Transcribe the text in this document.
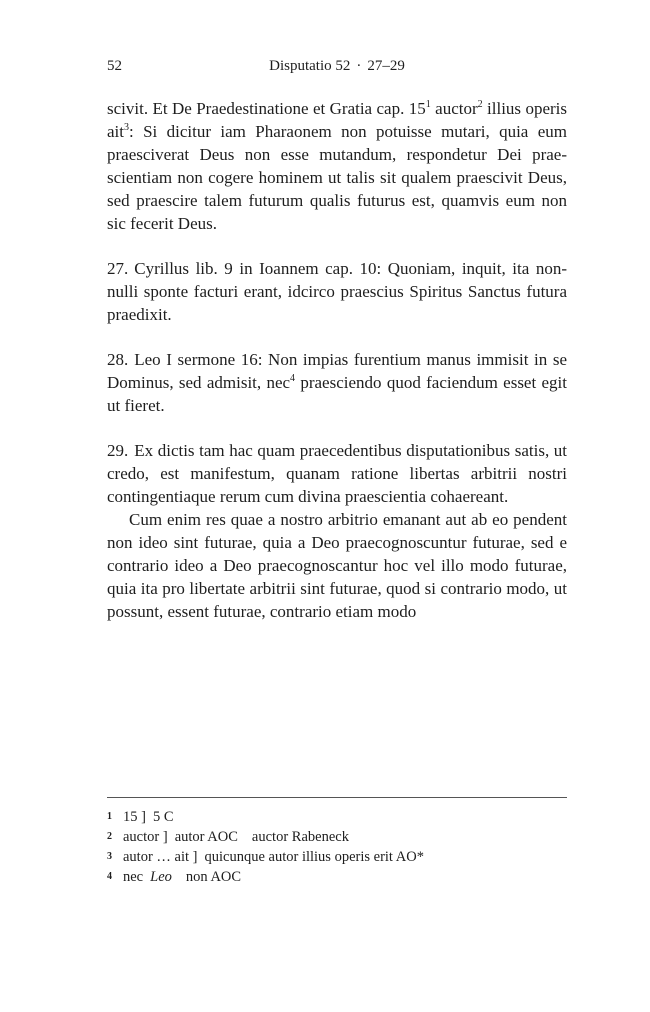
52	Disputatio 52 · 27–29

scivit. Et De Praedestinatione et Gratia cap. $15^1$ auctor$^2$ illius operis ait$^3$: Si dicitur iam Pharaonem non potuisse mutari, quia eum praesciverat Deus non esse mutandum, respondetur Dei praescientiam non cogere hominem ut talis sit qualem praescivit Deus, sed praescire talem futurum qualis futurus est, quamvis eum non sic fecerit Deus.

27. Cyrillus lib. 9 in Ioannem cap. 10: Quoniam, inquit, ita nonnulli sponte facturi erant, idcirco praescius Spiritus Sanctus futura praedixit.

28. Leo I sermone 16: Non impias furentium manus immisit in se Dominus, sed admisit, nec$^4$ praesciendo quod faciendum esset egit ut fieret.

29. Ex dictis tam hac quam praecedentibus disputationibus satis, ut credo, est manifestum, quanam ratione libertas arbitrii nostri contingentiaque rerum cum divina praescientia cohaereant.

Cum enim res quae a nostro arbitrio emanant aut ab eo pendent non ideo sint futurae, quia a Deo praecognoscuntur futurae, sed e contrario ideo a Deo praecognoscantur hoc vel illo modo futurae, quia ita pro libertate arbitrii sint futurae, quod si contrario modo, ut possunt, essent futurae, contrario etiam modo

1 15 ] 5 C
2 auctor ] autor AOC auctor Rabeneck
3 autor … ait ] quicunque autor illius operis erit AO*
4 nec Leo non AOC
